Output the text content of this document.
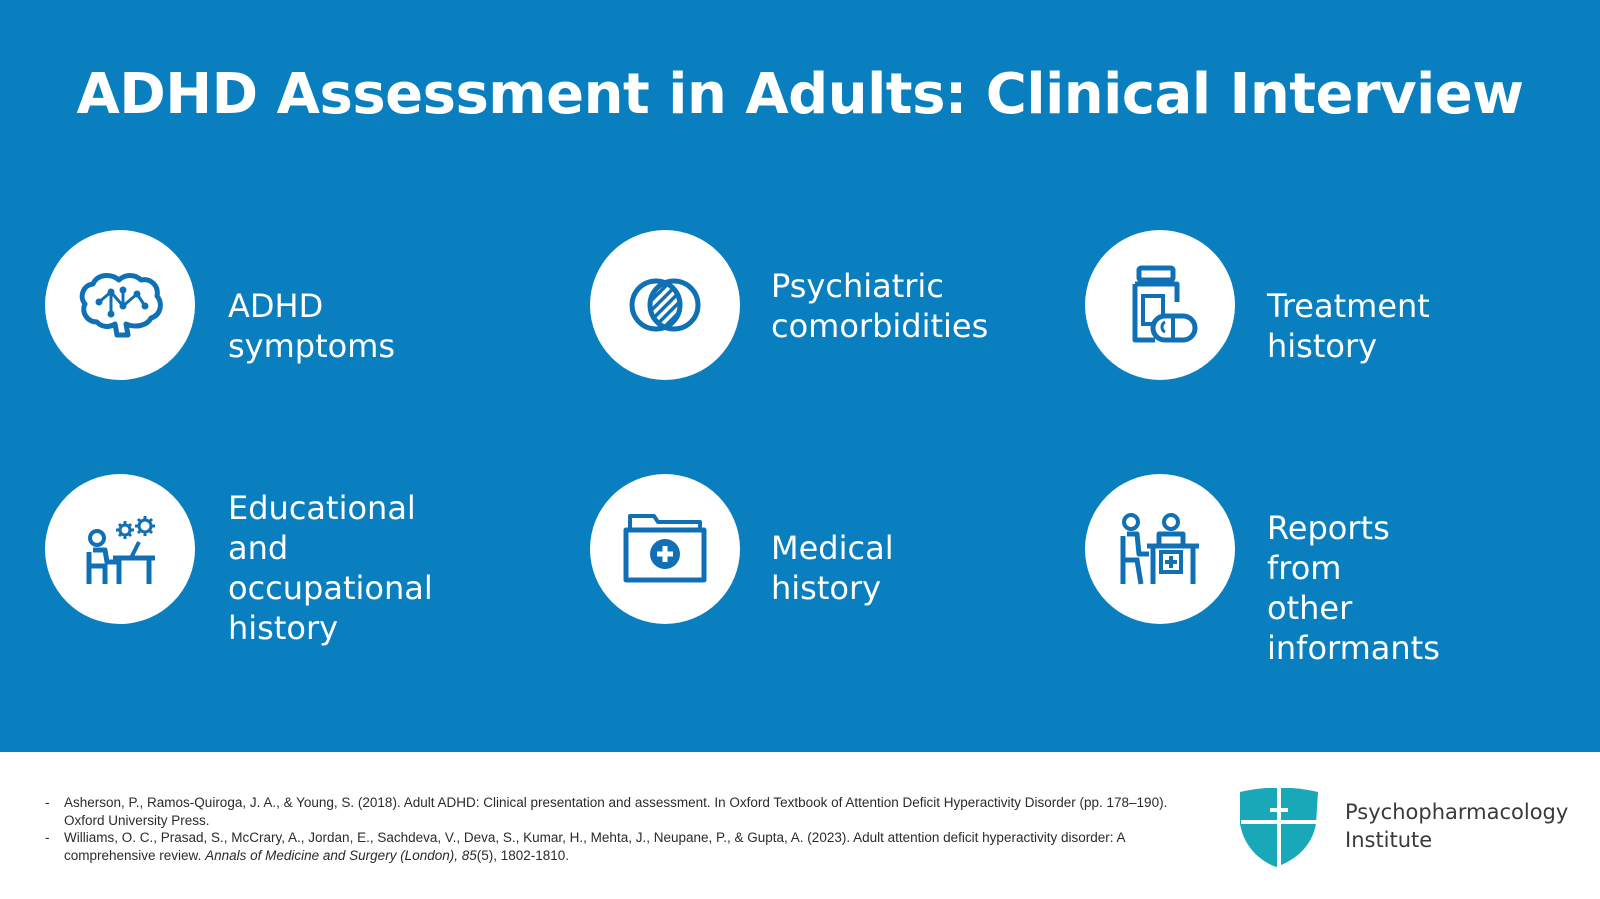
ADHD Assessment in Adults: Clinical Interview
ADHD symptoms
Psychiatric
comorbidities
Treatment history
Educational and
occupational
history
Medical history
Reports from
other informants
- Asherson, P., Ramos-Quiroga, J. A., & Young, S. (2018). Adult ADHD: Clinical presentation and assessment. In Oxford Textbook of Attention Deficit Hyperactivity Disorder (pp. 178–190). Oxford University Press.
- Williams, O. C., Prasad, S., McCrary, A., Jordan, E., Sachdeva, V., Deva, S., Kumar, H., Mehta, J., Neupane, P., & Gupta, A. (2023). Adult attention deficit hyperactivity disorder: A comprehensive review. Annals of Medicine and Surgery (London), 85(5), 1802-1810.
Psychopharmacology
Institute
